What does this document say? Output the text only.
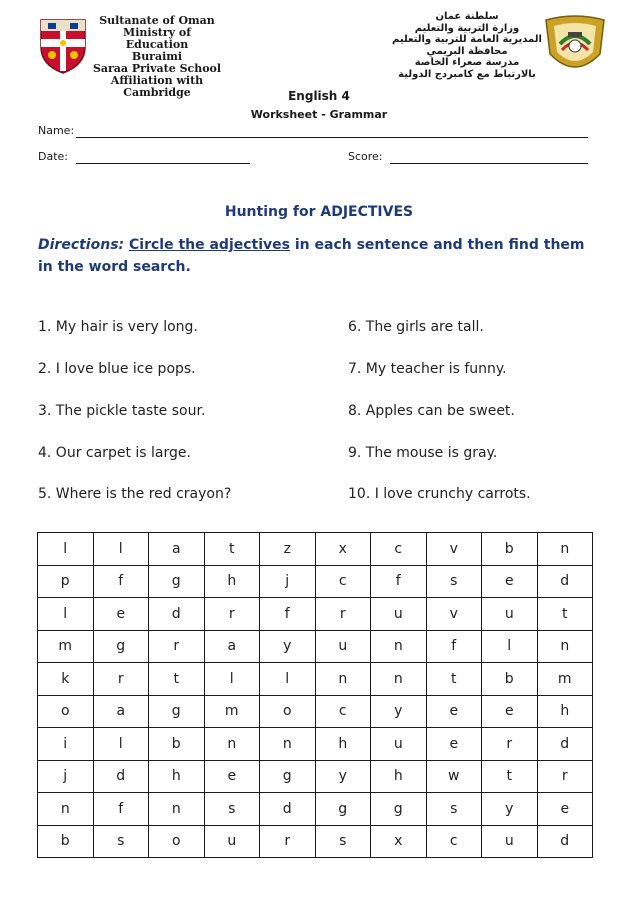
Sultanate of Oman
Ministry of Education
Buraimi
Saraa Private School
Affiliation with Cambridge
سلطنة عمان
وزارة التربية والتعليم
المديرية العامة للتربية والتعليم
محافظة البريمي
مدرسة صعراء الخاصة
بالارتباط مع كامبردج الدولية
English 4
Worksheet - Grammar
Name:
Date:	Score:
Hunting for ADJECTIVES
Directions: Circle the adjectives in each sentence and then find them in the word search.
1. My hair is very long.
2. I love blue ice pops.
3. The pickle taste sour.
4. Our carpet is large.
5. Where is the red crayon?
6. The girls are tall.
7. My teacher is funny.
8. Apples can be sweet.
9. The mouse is gray.
10. I love crunchy carrots.
l	l	a	t	z	x	c	v	b	n
p	f	g	h	j	c	f	s	e	d
l	e	d	r	f	r	u	v	u	t
m	g	r	a	y	u	n	f	l	n
k	r	t	l	l	n	n	t	b	m
o	a	g	m	o	c	y	e	e	h
i	l	b	n	n	h	u	e	r	d
j	d	h	e	g	y	h	w	t	r
n	f	n	s	d	g	g	s	y	e
b	s	o	u	r	s	x	c	u	d
